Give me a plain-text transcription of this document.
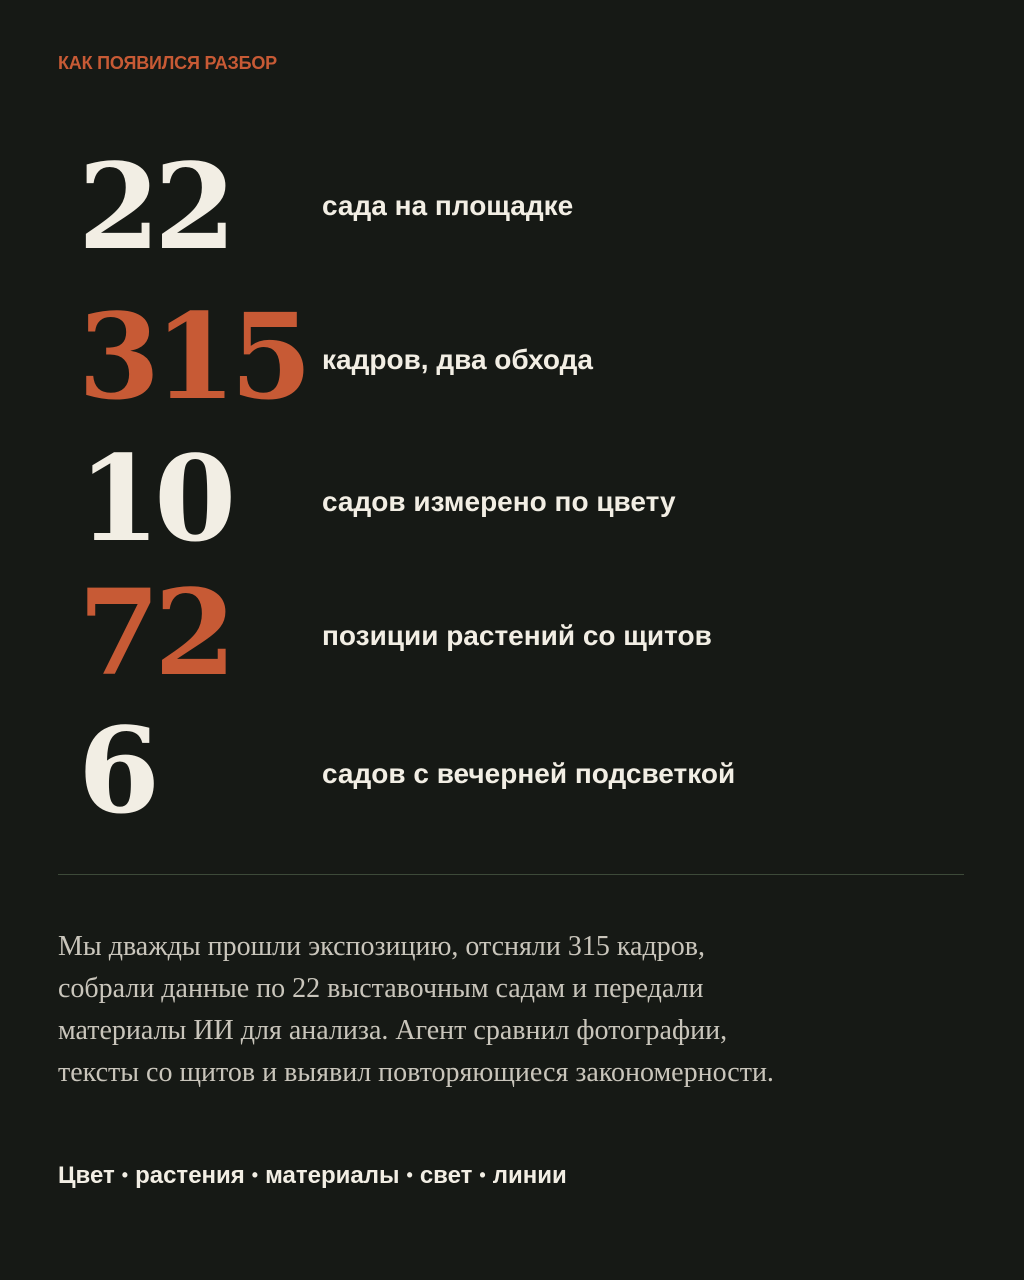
КАК ПОЯВИЛСЯ РАЗБОР
22	сада на площадке
315 кадров, два обхода
10	садов измерено по цвету
72	позиции растений со щитов
6	садов с вечерней подсветкой

Мы дважды прошли экспозицию, отсняли 315 кадров,
собрали данные по 22 выставочным садам и передали
материалы ИИ для анализа. Агент сравнил фотографии,
тексты со щитов и выявил повторяющиеся закономерности.

Цвет • растения • материалы • свет • линии
